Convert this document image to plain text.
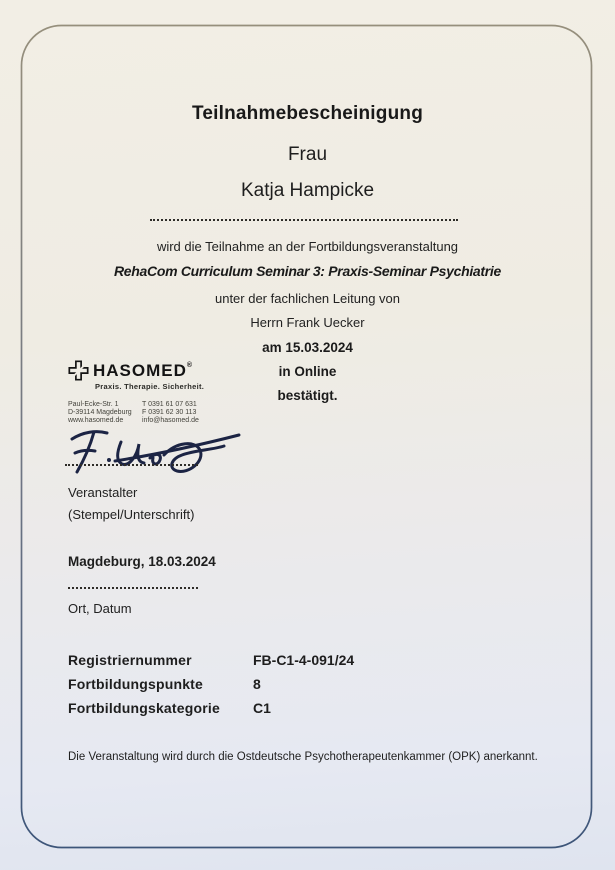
Teilnahmebescheinigung
Frau
Katja Hampicke
wird die Teilnahme an der Fortbildungsveranstaltung
RehaCom Curriculum Seminar 3: Praxis-Seminar Psychiatrie
unter der fachlichen Leitung von
Herrn Frank Uecker
am 15.03.2024
in Online
bestätigt.
HASOMED®
Praxis. Therapie. Sicherheit.
Paul-Ecke-Str. 1	T 0391 61 07 631
D-39114 Magdeburg	F 0391 62 30 113
www.hasomed.de	info@hasomed.de
Veranstalter
(Stempel/Unterschrift)
Magdeburg, 18.03.2024
Ort, Datum
Registriernummer	FB-C1-4-091/24
Fortbildungspunkte	8
Fortbildungskategorie C1
Die Veranstaltung wird durch die Ostdeutsche Psychotherapeutenkammer (OPK) anerkannt.
